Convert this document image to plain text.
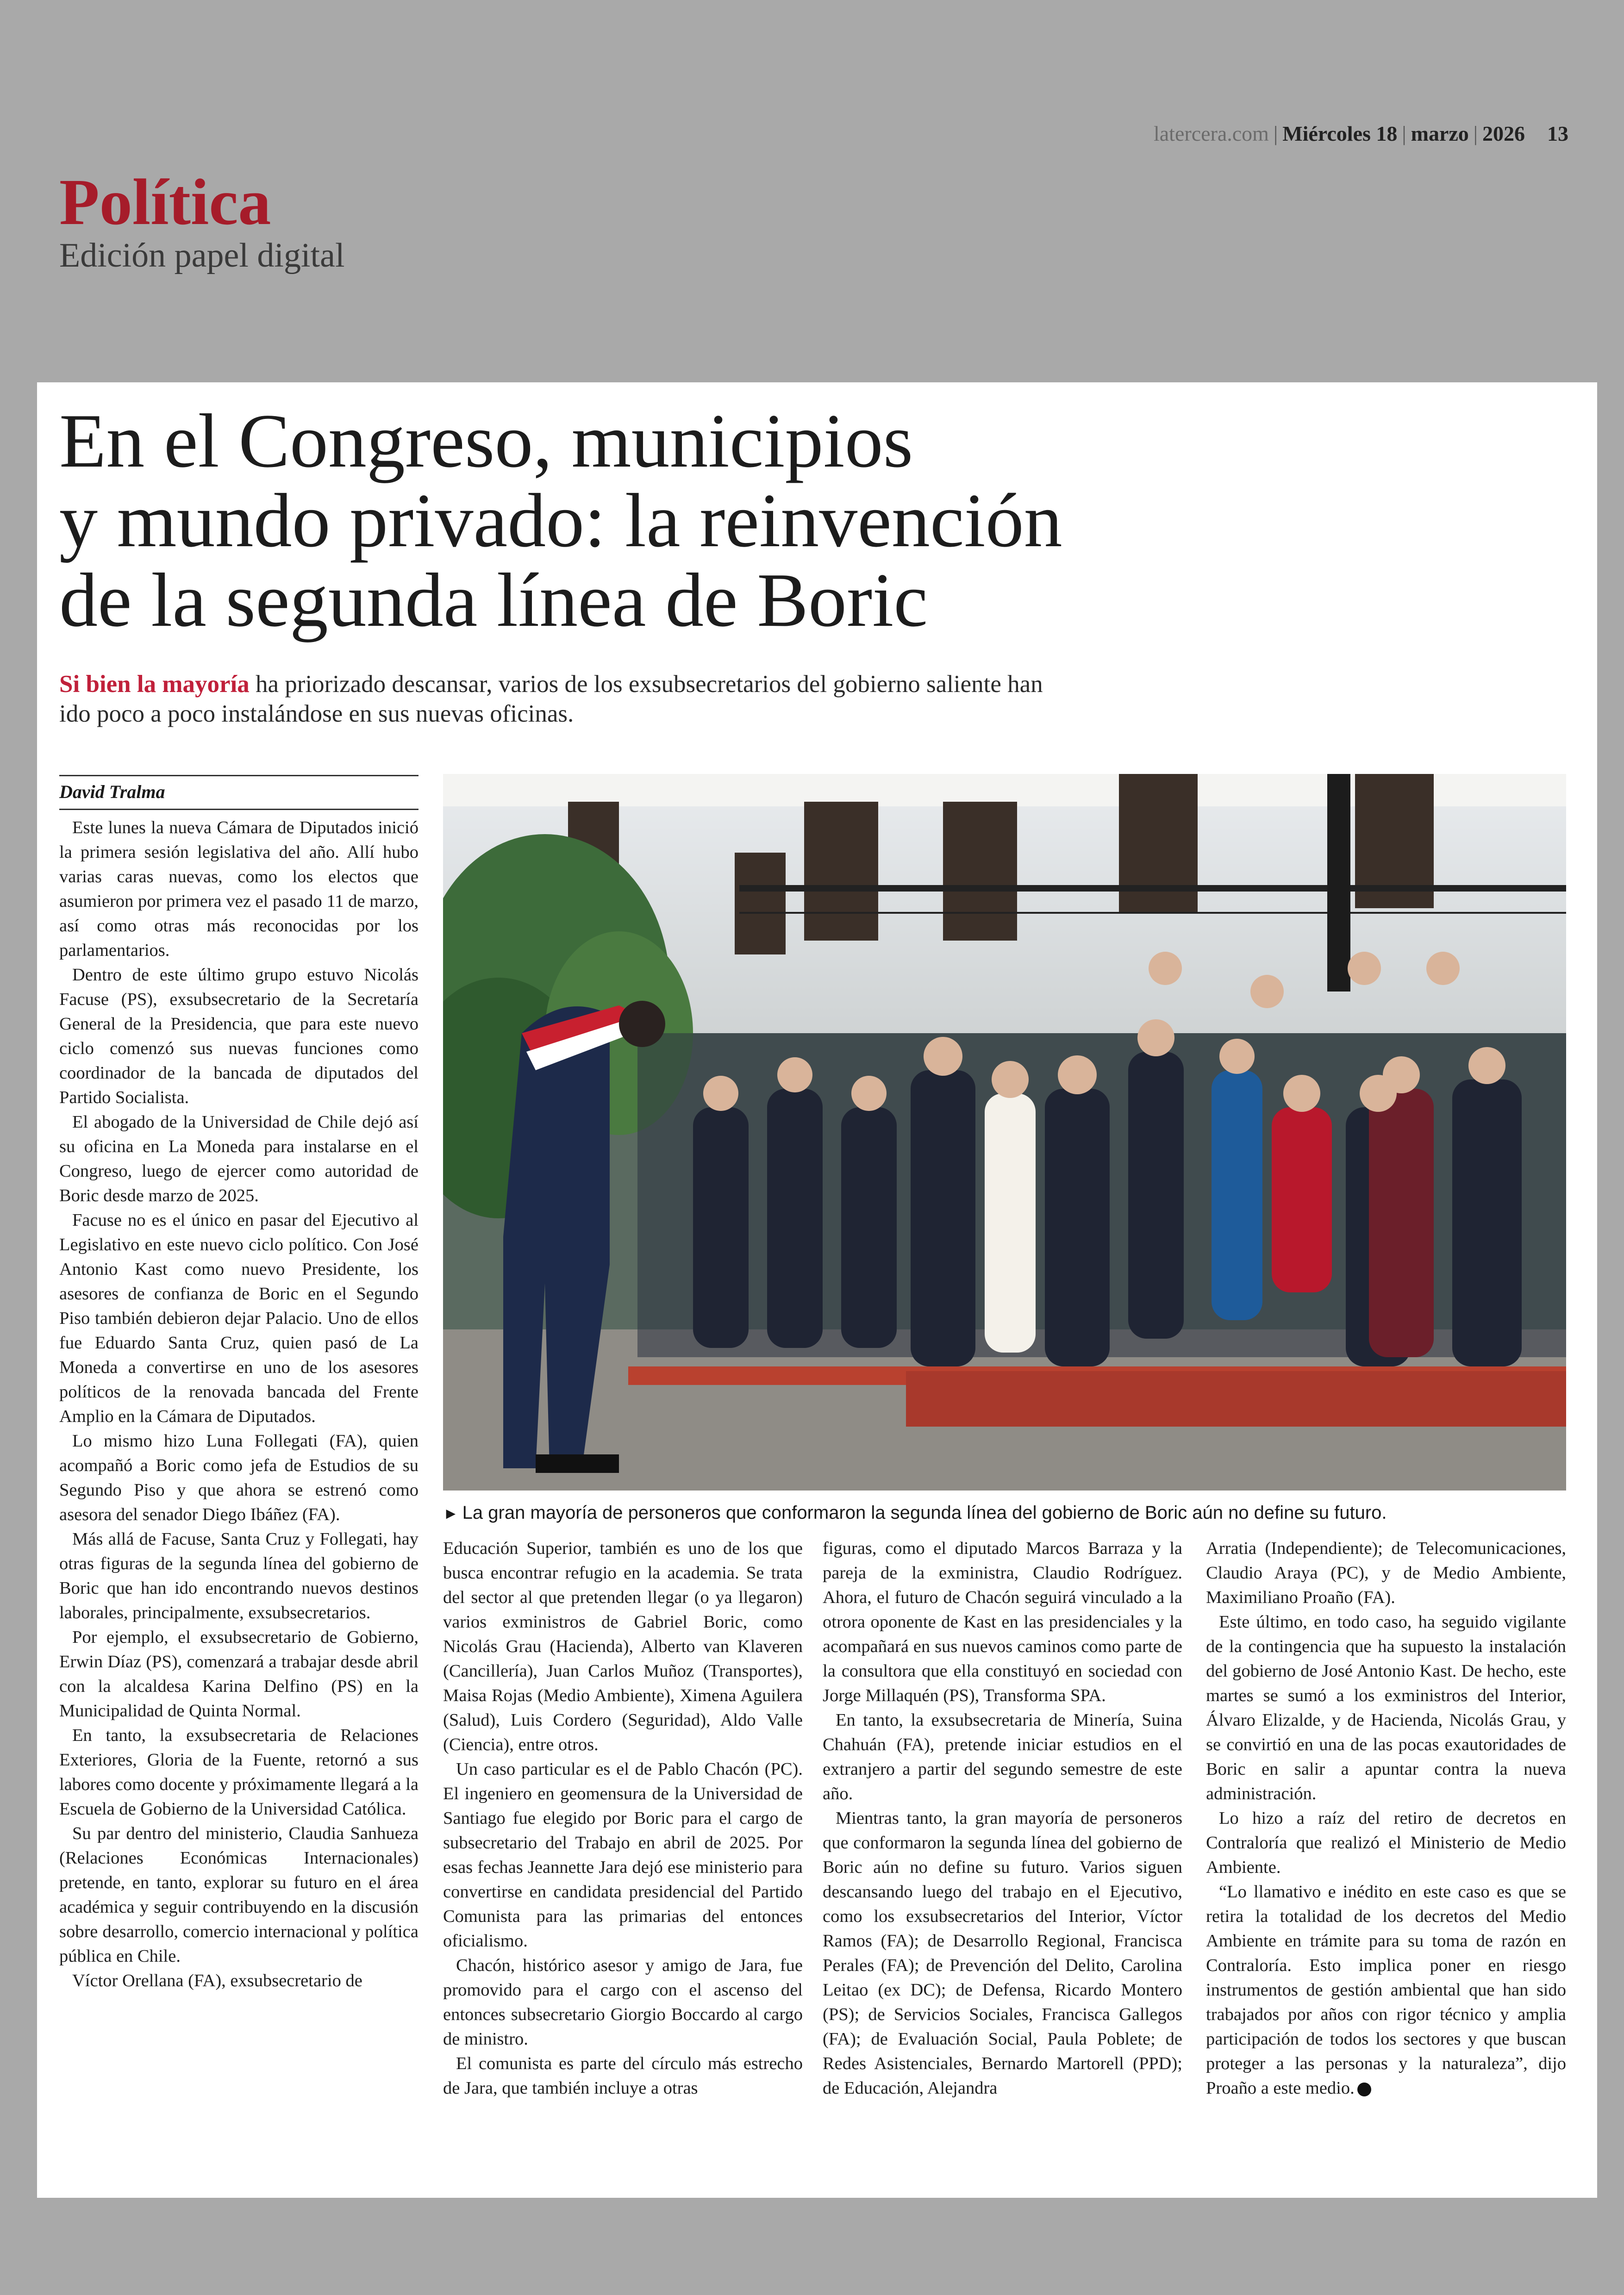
latercera.com | Miércoles 18 | marzo | 2026 13
Política
Edición papel digital
En el Congreso, municipios
y mundo privado: la reinvención
de la segunda línea de Boric
Si bien la mayoría ha priorizado descansar, varios de los exsubsecretarios del gobierno saliente han ido poco a poco instalándose en sus nuevas oficinas.
David Tralma
► La gran mayoría de personeros que conformaron la segunda línea del gobierno de Boric aún no define su futuro.

Este lunes la nueva Cámara de Diputados inició la primera sesión legislativa del año. Allí hubo varias caras nuevas, como los electos que asumieron por primera vez el pasado 11 de marzo, así como otras más reconocidas por los parlamentarios.

Dentro de este último grupo estuvo Nicolás Facuse (PS), exsubsecretario de la Secretaría General de la Presidencia, que para este nuevo ciclo comenzó sus nuevas funciones como coordinador de la bancada de diputados del Partido Socialista.

El abogado de la Universidad de Chile dejó así su oficina en La Moneda para instalarse en el Congreso, luego de ejercer como autoridad de Boric desde marzo de 2025.

Facuse no es el único en pasar del Ejecutivo al Legislativo en este nuevo ciclo político. Con José Antonio Kast como nuevo Presidente, los asesores de confianza de Boric en el Segundo Piso también debieron dejar Palacio. Uno de ellos fue Eduardo Santa Cruz, quien pasó de La Moneda a convertirse en uno de los asesores políticos de la renovada bancada del Frente Amplio en la Cámara de Diputados.

Lo mismo hizo Luna Follegati (FA), quien acompañó a Boric como jefa de Estudios de su Segundo Piso y que ahora se estrenó como asesora del senador Diego Ibáñez (FA).

Más allá de Facuse, Santa Cruz y Follegati, hay otras figuras de la segunda línea del gobierno de Boric que han ido encontrando nuevos destinos laborales, principalmente, exsubsecretarios.

Por ejemplo, el exsubsecretario de Gobierno, Erwin Díaz (PS), comenzará a trabajar desde abril con la alcaldesa Karina Delfino (PS) en la Municipalidad de Quinta Normal.

En tanto, la exsubsecretaria de Relaciones Exteriores, Gloria de la Fuente, retornó a sus labores como docente y próximamente llegará a la Escuela de Gobierno de la Universidad Católica.

Su par dentro del ministerio, Claudia Sanhueza (Relaciones Económicas Internacionales) pretende, en tanto, explorar su futuro en el área académica y seguir contribuyendo en la discusión sobre desarrollo, comercio internacional y política pública en Chile.

Víctor Orellana (FA), exsubsecretario de

Educación Superior, también es uno de los que busca encontrar refugio en la academia. Se trata del sector al que pretenden llegar (o ya llegaron) varios exministros de Gabriel Boric, como Nicolás Grau (Hacienda), Alberto van Klaveren (Cancillería), Juan Carlos Muñoz (Transportes), Maisa Rojas (Medio Ambiente), Ximena Aguilera (Salud), Luis Cordero (Seguridad), Aldo Valle (Ciencia), entre otros.

Un caso particular es el de Pablo Chacón (PC). El ingeniero en geomensura de la Universidad de Santiago fue elegido por Boric para el cargo de subsecretario del Trabajo en abril de 2025. Por esas fechas Jeannette Jara dejó ese ministerio para convertirse en candidata presidencial del Partido Comunista para las primarias del entonces oficialismo.

Chacón, histórico asesor y amigo de Jara, fue promovido para el cargo con el ascenso del entonces subsecretario Giorgio Boccardo al cargo de ministro.

El comunista es parte del círculo más estrecho de Jara, que también incluye a otras

figuras, como el diputado Marcos Barraza y la pareja de la exministra, Claudio Rodríguez. Ahora, el futuro de Chacón seguirá vinculado a la otrora oponente de Kast en las presidenciales y la acompañará en sus nuevos caminos como parte de la consultora que ella constituyó en sociedad con Jorge Millaquén (PS), Transforma SPA.

En tanto, la exsubsecretaria de Minería, Suina Chahuán (FA), pretende iniciar estudios en el extranjero a partir del segundo semestre de este año.

Mientras tanto, la gran mayoría de personeros que conformaron la segunda línea del gobierno de Boric aún no define su futuro. Varios siguen descansando luego del trabajo en el Ejecutivo, como los exsubsecretarios del Interior, Víctor Ramos (FA); de Desarrollo Regional, Francisca Perales (FA); de Prevención del Delito, Carolina Leitao (ex DC); de Defensa, Ricardo Montero (PS); de Servicios Sociales, Francisca Gallegos (FA); de Evaluación Social, Paula Poblete; de Redes Asistenciales, Bernardo Martorell (PPD); de Educación, Alejandra

Arratia (Independiente); de Telecomunicaciones, Claudio Araya (PC), y de Medio Ambiente, Maximiliano Proaño (FA).

Este último, en todo caso, ha seguido vigilante de la contingencia que ha supuesto la instalación del gobierno de José Antonio Kast. De hecho, este martes se sumó a los exministros del Interior, Álvaro Elizalde, y de Hacienda, Nicolás Grau, y se convirtió en una de las pocas exautoridades de Boric en salir a apuntar contra la nueva administración.

Lo hizo a raíz del retiro de decretos en Contraloría que realizó el Ministerio de Medio Ambiente.

“Lo llamativo e inédito en este caso es que se retira la totalidad de los decretos del Medio Ambiente en trámite para su toma de razón en Contraloría. Esto implica poner en riesgo instrumentos de gestión ambiental que han sido trabajados por años con rigor técnico y amplia participación de todos los sectores y que buscan proteger a las personas y la naturaleza”, dijo Proaño a este medio.
